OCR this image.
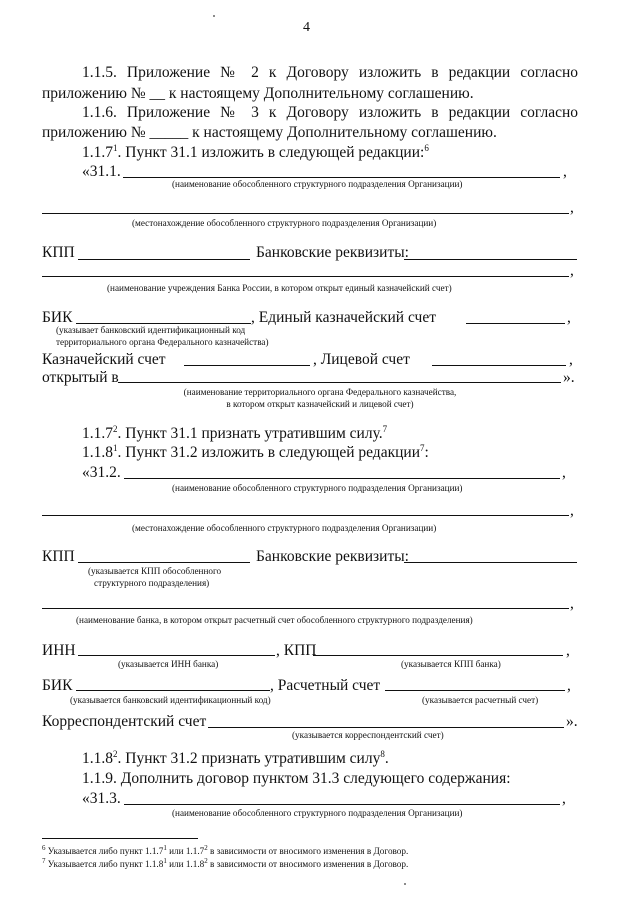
4
1.1.5. Приложение № 2 к Договору изложить в редакции согласно
приложению № __ к настоящему Дополнительному соглашению.
1.1.6. Приложение № 3 к Договору изложить в редакции согласно
приложению № _____ к настоящему Дополнительному соглашению.
1.1.7$^1$. Пункт 31.1 изложить в следующей редакции:$^6$
«31.1.	,
(наименование обособленного структурного подразделения Организации)
,
(местонахождение обособленного структурного подразделения Организации)
КПП	Банковские реквизиты:
,
(наименование учреждения Банка России, в котором открыт единый казначейский счет)
БИК	, Единый казначейский счет	,
(указывает банковский идентификационный код
территориального органа Федерального казначейства)
Казначейский счет	, Лицевой счет	,
открытый в	».
(наименование территориального органа Федерального казначейства,
в котором открыт казначейский и лицевой счет)
1.1.7$^2$. Пункт 31.1 признать утратившим силу.$^7$
1.1.8$^1$. Пункт 31.2 изложить в следующей редакции$^7$:
«31.2.	,
(наименование обособленного структурного подразделения Организации)
,
(местонахождение обособленного структурного подразделения Организации)
КПП	Банковские реквизиты:
(указывается КПП обособленного
структурного подразделения)
,
(наименование банка, в котором открыт расчетный счет обособленного структурного подразделения)
ИНН	, КПП	,
(указывается ИНН банка)	(указывается КПП банка)
БИК	, Расчетный счет	,
(указывается банковский идентификационный код)	(указывается расчетный счет)
Корреспондентский счет	».
(указывается корреспондентский счет)
1.1.8$^2$. Пункт 31.2 признать утратившим силу$^8$.
1.1.9. Дополнить договор пунктом 31.3 следующего содержания:
«31.3.	,
(наименование обособленного структурного подразделения Организации)
$^6$ Указывается либо пункт 1.1.7$^1$ или 1.1.7$^2$ в зависимости от вносимого изменения в Договор.
$^7$ Указывается либо пункт 1.1.8$^1$ или 1.1.8$^2$ в зависимости от вносимого изменения в Договор.
